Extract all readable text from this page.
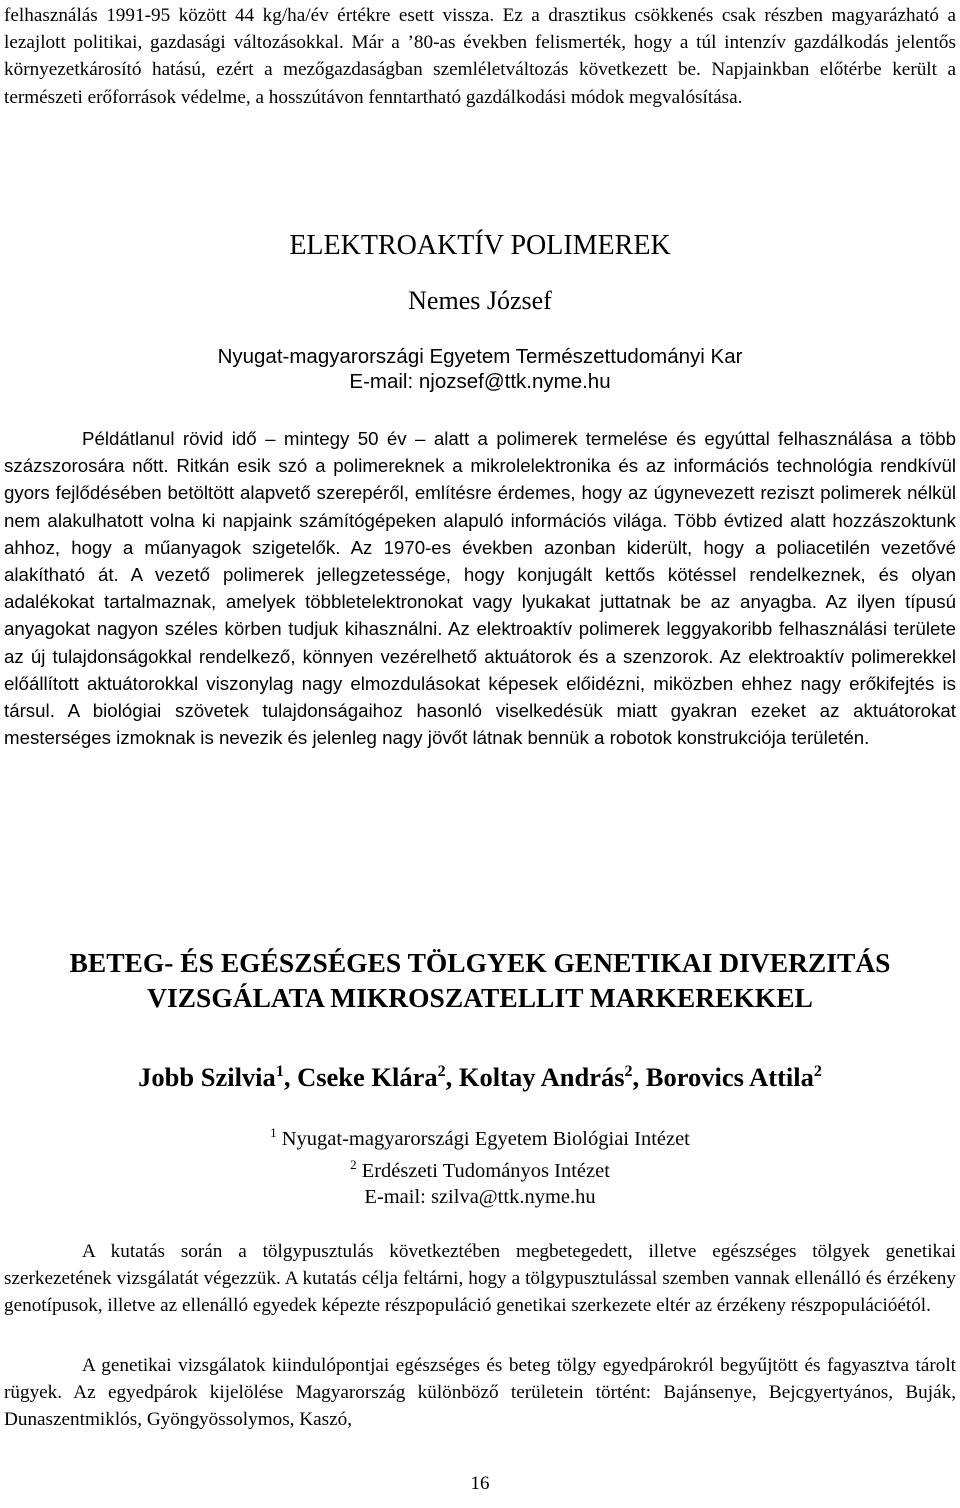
felhasználás 1991-95 között 44 kg/ha/év értékre esett vissza. Ez a drasztikus csökkenés csak részben magyarázható a lezajlott politikai, gazdasági változásokkal. Már a ’80-as években felismerték, hogy a túl intenzív gazdálkodás jelentős környezetkárosító hatású, ezért a mezőgazdaságban szemléletváltozás következett be. Napjainkban előtérbe került a természeti erőforrások védelme, a hosszútávon fenntartható gazdálkodási módok megvalósítása.

ELEKTROAKTÍV POLIMEREK
Nemes József
Nyugat-magyarországi Egyetem Természettudományi Kar
E-mail: njozsef@ttk.nyme.hu

Példátlanul rövid idő – mintegy 50 év – alatt a polimerek termelése és egyúttal felhasználása a több százszorosára nőtt. Ritkán esik szó a polimereknek a mikrolelektronika és az információs technológia rendkívül gyors fejlődésében betöltött alapvető szerepéről, említésre érdemes, hogy az úgynevezett reziszt polimerek nélkül nem alakulhatott volna ki napjaink számítógépeken alapuló információs világa. Több évtized alatt hozzászoktunk ahhoz, hogy a műanyagok szigetelők. Az 1970-es években azonban kiderült, hogy a poliacetilén vezetővé alakítható át. A vezető polimerek jellegzetessége, hogy konjugált kettős kötéssel rendelkeznek, és olyan adalékokat tartalmaznak, amelyek többletelektronokat vagy lyukakat juttatnak be az anyagba. Az ilyen típusú anyagokat nagyon széles körben tudjuk kihasználni. Az elektroaktív polimerek leggyakoribb felhasználási területe az új tulajdonságokkal rendelkező, könnyen vezérelhető aktuátorok és a szenzorok. Az elektroaktív polimerekkel előállított aktuátorokkal viszonylag nagy elmozdulásokat képesek előidézni, miközben ehhez nagy erőkifejtés is társul. A biológiai szövetek tulajdonságaihoz hasonló viselkedésük miatt gyakran ezeket az aktuátorokat mesterséges izmoknak is nevezik és jelenleg nagy jövőt látnak bennük a robotok konstrukciója területén.

BETEG- ÉS EGÉSZSÉGES TÖLGYEK GENETIKAI DIVERZITÁS
VIZSGÁLATA MIKROSZATELLIT MARKEREKKEL
Jobb Szilvia$^1$, Cseke Klára$^2$, Koltay András$^2$, Borovics Attila$^2$
$^1$ Nyugat-magyarországi Egyetem Biológiai Intézet
$^2$ Erdészeti Tudományos Intézet
E-mail: szilva@ttk.nyme.hu

A kutatás során a tölgypusztulás következtében megbetegedett, illetve egészséges tölgyek genetikai szerkezetének vizsgálatát végezzük. A kutatás célja feltárni, hogy a tölgypusztulással szemben vannak ellenálló és érzékeny genotípusok, illetve az ellenálló egyedek képezte részpopuláció genetikai szerkezete eltér az érzékeny részpopulációétól.

A genetikai vizsgálatok kiindulópontjai egészséges és beteg tölgy egyedpárokról begyűjtött és fagyasztva tárolt rügyek. Az egyedpárok kijelölése Magyarország különböző területein történt: Bajánsenye, Bejcgyertyános, Buják, Dunaszentmiklós, Gyöngyössolymos, Kaszó,

16
